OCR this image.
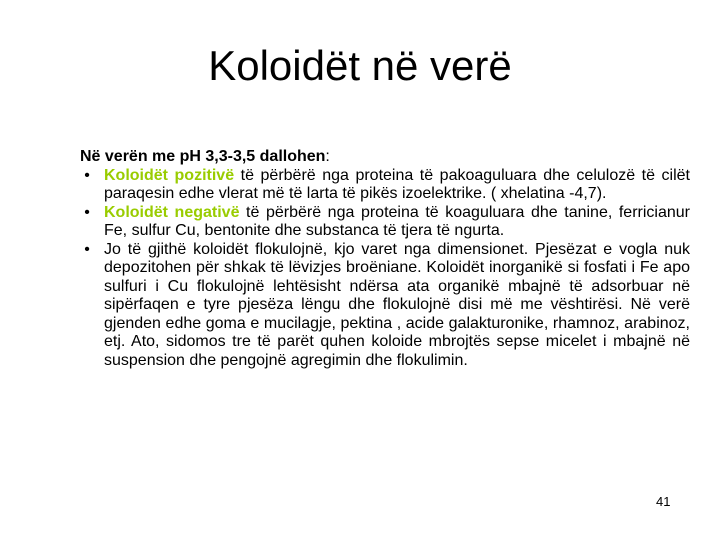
Koloidët në verë

Në verën me pH 3,3-3,5 dallohen:

• Koloidët pozitivë të përbërë nga proteina të pakoaguluara dhe celulozë të cilët paraqesin edhe vlerat më të larta të pikës izoelektrike. ( xhelatina -4,7).
• Koloidët negativë të përbërë nga proteina të koaguluara dhe tanine, ferricianur Fe, sulfur Cu, bentonite dhe substanca të tjera të ngurta.
• Jo të gjithë koloidët flokulojnë, kjo varet nga dimensionet. Pjesëzat e vogla nuk depozitohen për shkak të lëvizjes broëniane. Koloidët inorganikë si fosfati i Fe apo sulfuri i Cu flokulojnë lehtësisht ndërsa ata organikë mbajnë të adsorbuar në sipërfaqen e tyre pjesëza lëngu dhe flokulojnë disi më me vështirësi. Në verë gjenden edhe goma e mucilagje, pektina , acide galakturonike, rhamnoz, arabinoz, etj. Ato, sidomos tre të parët quhen koloide mbrojtës sepse micelet i mbajnë në suspension dhe pengojnë agregimin dhe flokulimin.
41
